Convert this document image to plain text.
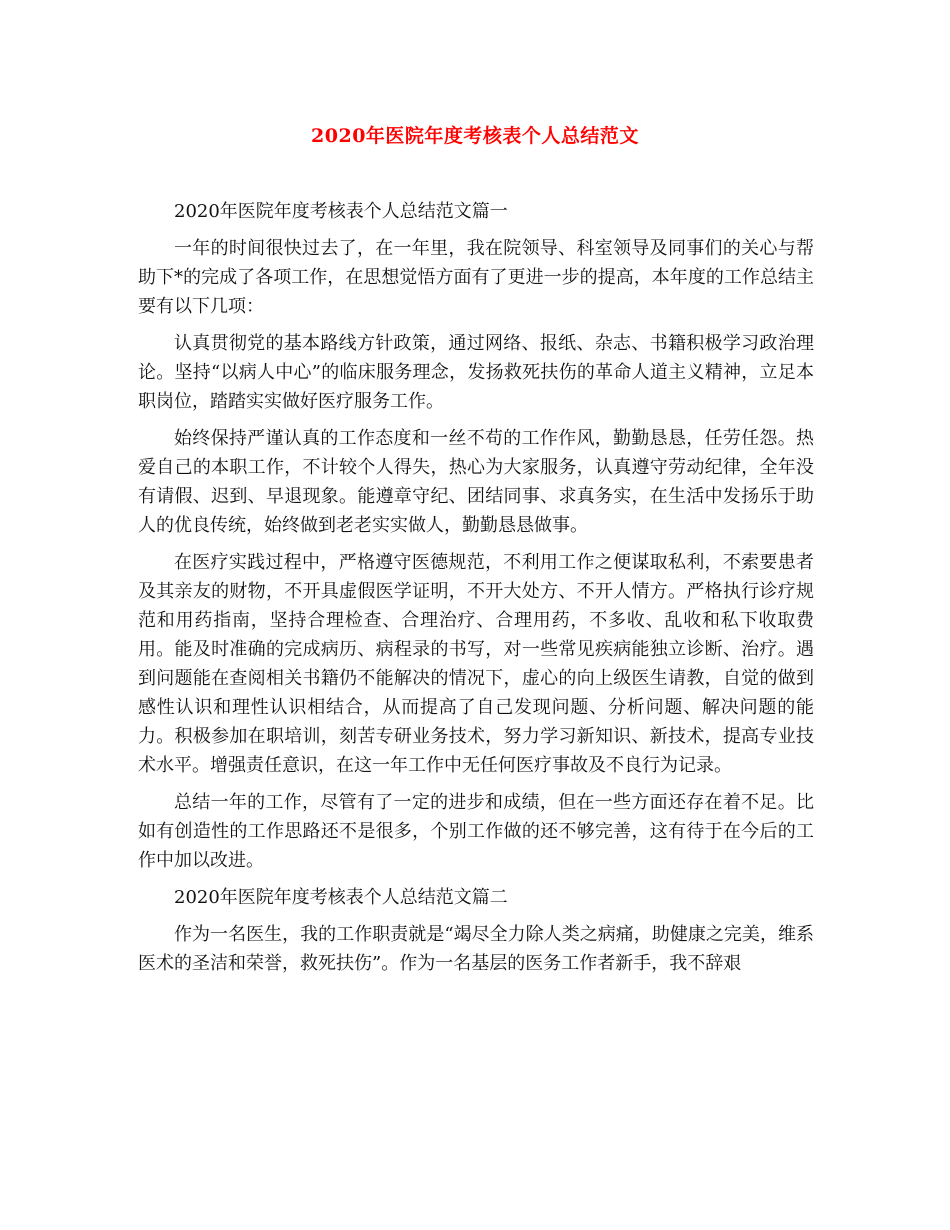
2020年医院年度考核表个人总结范文

2020年医院年度考核表个人总结范文篇一

一年的时间很快过去了，在一年里，我在院领导、科室领导及同事们的关心与帮助下*的完成了各项工作，在思想觉悟方面有了更进一步的提高，本年度的工作总结主要有以下几项：

认真贯彻党的基本路线方针政策，通过网络、报纸、杂志、书籍积极学习政治理论。坚持“以病人中心”的临床服务理念，发扬救死扶伤的革命人道主义精神，立足本职岗位，踏踏实实做好医疗服务工作。

始终保持严谨认真的工作态度和一丝不苟的工作作风，勤勤恳恳，任劳任怨。热爱自己的本职工作，不计较个人得失，热心为大家服务，认真遵守劳动纪律，全年没有请假、迟到、早退现象。能遵章守纪、团结同事、求真务实，在生活中发扬乐于助人的优良传统，始终做到老老实实做人，勤勤恳恳做事。

在医疗实践过程中，严格遵守医德规范，不利用工作之便谋取私利，不索要患者及其亲友的财物，不开具虚假医学证明，不开大处方、不开人情方。严格执行诊疗规范和用药指南，坚持合理检查、合理治疗、合理用药，不多收、乱收和私下收取费用。能及时准确的完成病历、病程录的书写，对一些常见疾病能独立诊断、治疗。遇到问题能在查阅相关书籍仍不能解决的情况下，虚心的向上级医生请教，自觉的做到感性认识和理性认识相结合，从而提高了自己发现问题、分析问题、解决问题的能力。积极参加在职培训，刻苦专研业务技术，努力学习新知识、新技术，提高专业技术水平。增强责任意识，在这一年工作中无任何医疗事故及不良行为记录。

总结一年的工作，尽管有了一定的进步和成绩，但在一些方面还存在着不足。比如有创造性的工作思路还不是很多，个别工作做的还不够完善，这有待于在今后的工作中加以改进。

2020年医院年度考核表个人总结范文篇二

作为一名医生，我的工作职责就是“竭尽全力除人类之病痛，助健康之完美，维系医术的圣洁和荣誉，救死扶伤”。作为一名基层的医务工作者新手，我不辞艰
